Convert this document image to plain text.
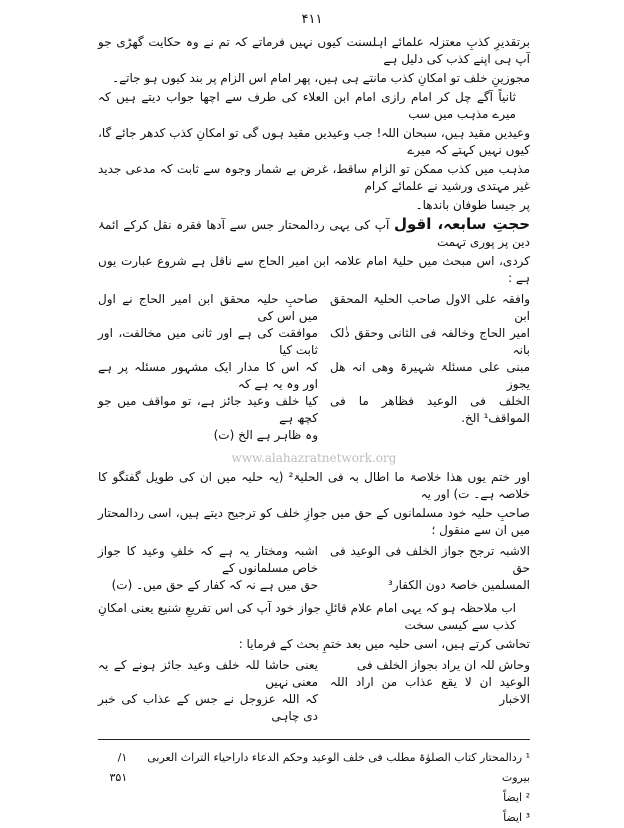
۴۱۱
برتقدیرِ کذبِ معتزلہ علمائے اہلسنت کیوں نہیں فرماتے کہ تم نے وہ حکایت گھڑی جو آپ ہی اپنے کذب کی دلیل ہے
مجوزینِ خلف تو امکانِ کذب مانتے ہی ہیں، پھر امام اس الزام پر بند کیوں ہو جاتے۔
ثانیاً آگے چل کر امام رازی امام ابن العلاء کی طرف سے اچھا جواب دیتے ہیں کہ میرے مذہب میں سب
وعیدیں مقید ہیں، سبحان اللہ! جب وعیدیں مقید ہوں گی تو امکانِ کذب کدھر جائے گا، کیوں نہیں کہتے کہ میرے
مذہب میں کذب ممکن تو الزام ساقط، غرض بے شمار وجوہ سے ثابت کہ مدعی جدید غیر مہتدی ورشید نے علمائے کرام
پر جیسا طوفان باندھا۔
حجتِ سابعہ، اقول آپ کی یہی ردالمحتار جس سے آدھا فقرہ نقل کرکے ائمۂ دین پر پوری تہمت
کردی، اس مبحث میں حلیۂ امام علامہ ابن امیر الحاج سے ناقل ہے شروع عبارت یوں ہے :
وافقہ علی الاول صاحب الحلیۃ المحقق ابن
امیر الحاج وخالفہ فی الثانی وحقق ذٰلک بانہ
مبنی علی مسئلۃ شہیرۃ وھی انہ ھل یجوز
الخلف فی الوعید فظاھر ما فی المواقف¹ الخ.
صاحبِ حلیہ محقق ابن امیر الحاج نے اول میں اس کی
موافقت کی ہے اور ثانی میں مخالفت، اور ثابت کیا
کہ اس کا مدار ایک مشہور مسئلہ پر ہے اور وہ یہ ہے کہ
کیا خلف وعید جائز ہے، تو مواقف میں جو کچھ ہے
وہ ظاہر ہے الخ (ت)
www.alahazratnetwork.org
اور ختم یوں ھذا خلاصۃ ما اطال بہ فی الحلیۃ² (یہ حلیہ میں ان کی طویل گفتگو کا خلاصہ ہے۔ ت) اور یہ
صاحبِ حلیہ خود مسلمانوں کے حق میں جوازِ خلف کو ترجیح دیتے ہیں، اسی ردالمحتار میں ان سے منقول ؛
الاشبہ ترجح جواز الخلف فی الوعید فی حق
المسلمین خاصۃ دون الکفار³
اشبہ ومختار یہ ہے کہ خلفِ وعید کا جواز خاص مسلمانوں کے
حق میں ہے نہ کہ کفار کے حق میں۔ (ت)
اب ملاحظہ ہو کہ یہی امام علام قائلِ جواز خود آپ کی اس تفریعِ شنیع یعنی امکانِ کذب سے کیسی سخت
تحاشی کرتے ہیں، اسی حلیہ میں بعد ختمِ بحث کے فرمایا :
وحاش للہ ان یراد بجواز الخلف فی
الوعید ان لا یقع عذاب من اراد اللہ الاخبار
یعنی حاشا للہ خلف وعید جائز ہونے کے یہ معنی نہیں
کہ اللہ عزوجل نے جس کے عذاب کی خبر دی چاہی
¹ ردالمحتار کتاب الصلوٰۃ مطلب فی خلف الوعید وحکم الدعاء داراحیاء التراث العربی بیروت
۱/ ۳۵۱
² ایضاً
³ ایضاً
